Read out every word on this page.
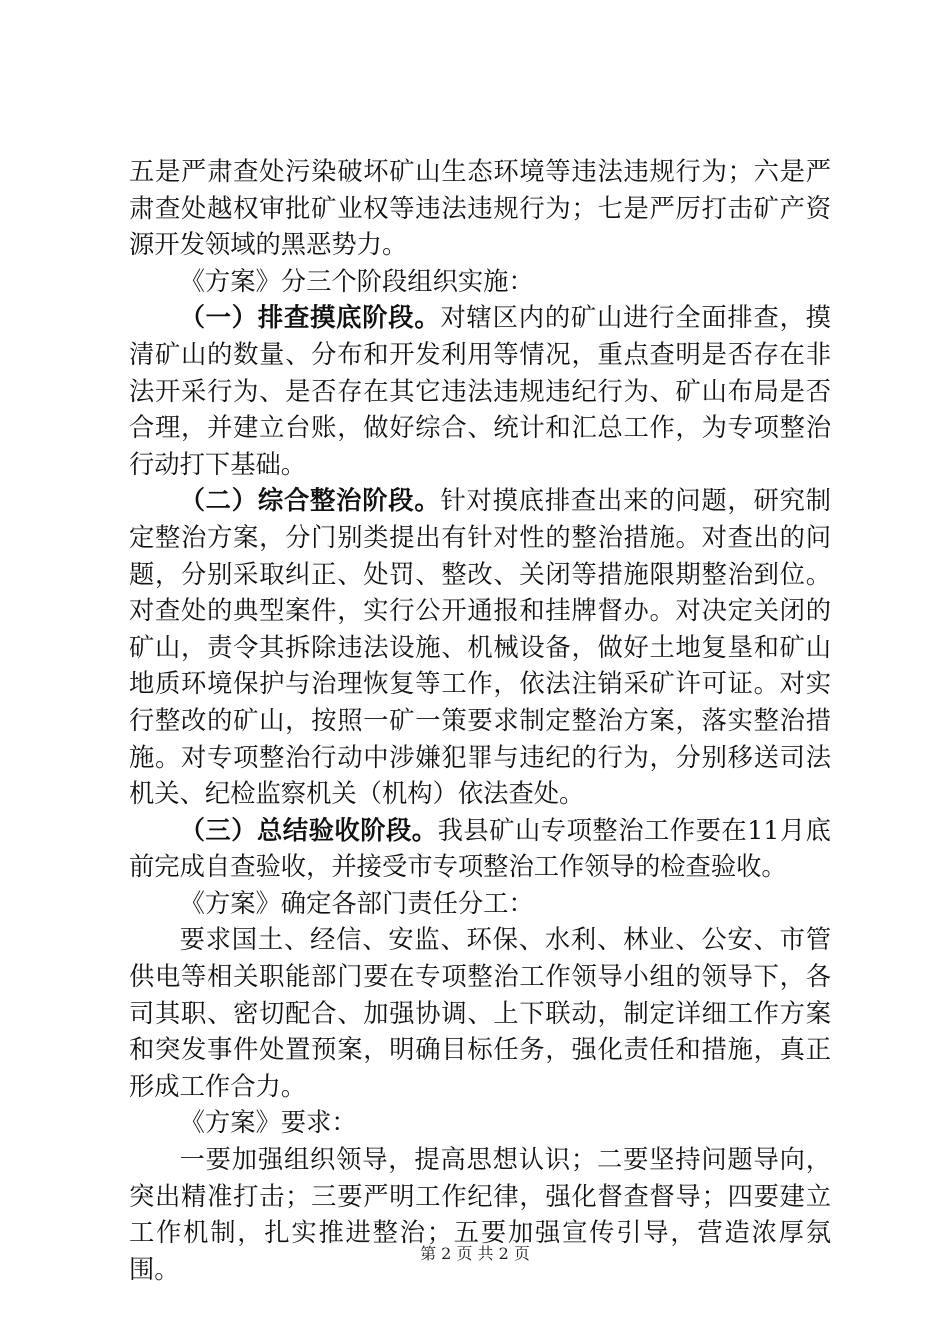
五是严肃查处污染破坏矿山生态环境等违法违规行为；六是严肃查处越权审批矿业权等违法违规行为；七是严厉打击矿产资源开发领域的黑恶势力。

《方案》分三个阶段组织实施：

（一）排查摸底阶段。对辖区内的矿山进行全面排查，摸清矿山的数量、分布和开发利用等情况，重点查明是否存在非法开采行为、是否存在其它违法违规违纪行为、矿山布局是否合理，并建立台账，做好综合、统计和汇总工作，为专项整治行动打下基础。

（二）综合整治阶段。针对摸底排查出来的问题，研究制定整治方案，分门别类提出有针对性的整治措施。对查出的问题，分别采取纠正、处罚、整改、关闭等措施限期整治到位。对查处的典型案件，实行公开通报和挂牌督办。对决定关闭的矿山，责令其拆除违法设施、机械设备，做好土地复垦和矿山地质环境保护与治理恢复等工作，依法注销采矿许可证。对实行整改的矿山，按照一矿一策要求制定整治方案，落实整治措施。对专项整治行动中涉嫌犯罪与违纪的行为，分别移送司法机关、纪检监察机关（机构）依法查处。

（三）总结验收阶段。我县矿山专项整治工作要在11月底前完成自查验收，并接受市专项整治工作领导的检查验收。

《方案》确定各部门责任分工：

要求国土、经信、安监、环保、水利、林业、公安、市管供电等相关职能部门要在专项整治工作领导小组的领导下，各司其职、密切配合、加强协调、上下联动，制定详细工作方案和突发事件处置预案，明确目标任务，强化责任和措施，真正形成工作合力。

《方案》要求：

一要加强组织领导，提高思想认识；二要坚持问题导向，突出精准打击；三要严明工作纪律，强化督查督导；四要建立工作机制，扎实推进整治；五要加强宣传引导，营造浓厚氛围。

第 2 页 共 2 页
